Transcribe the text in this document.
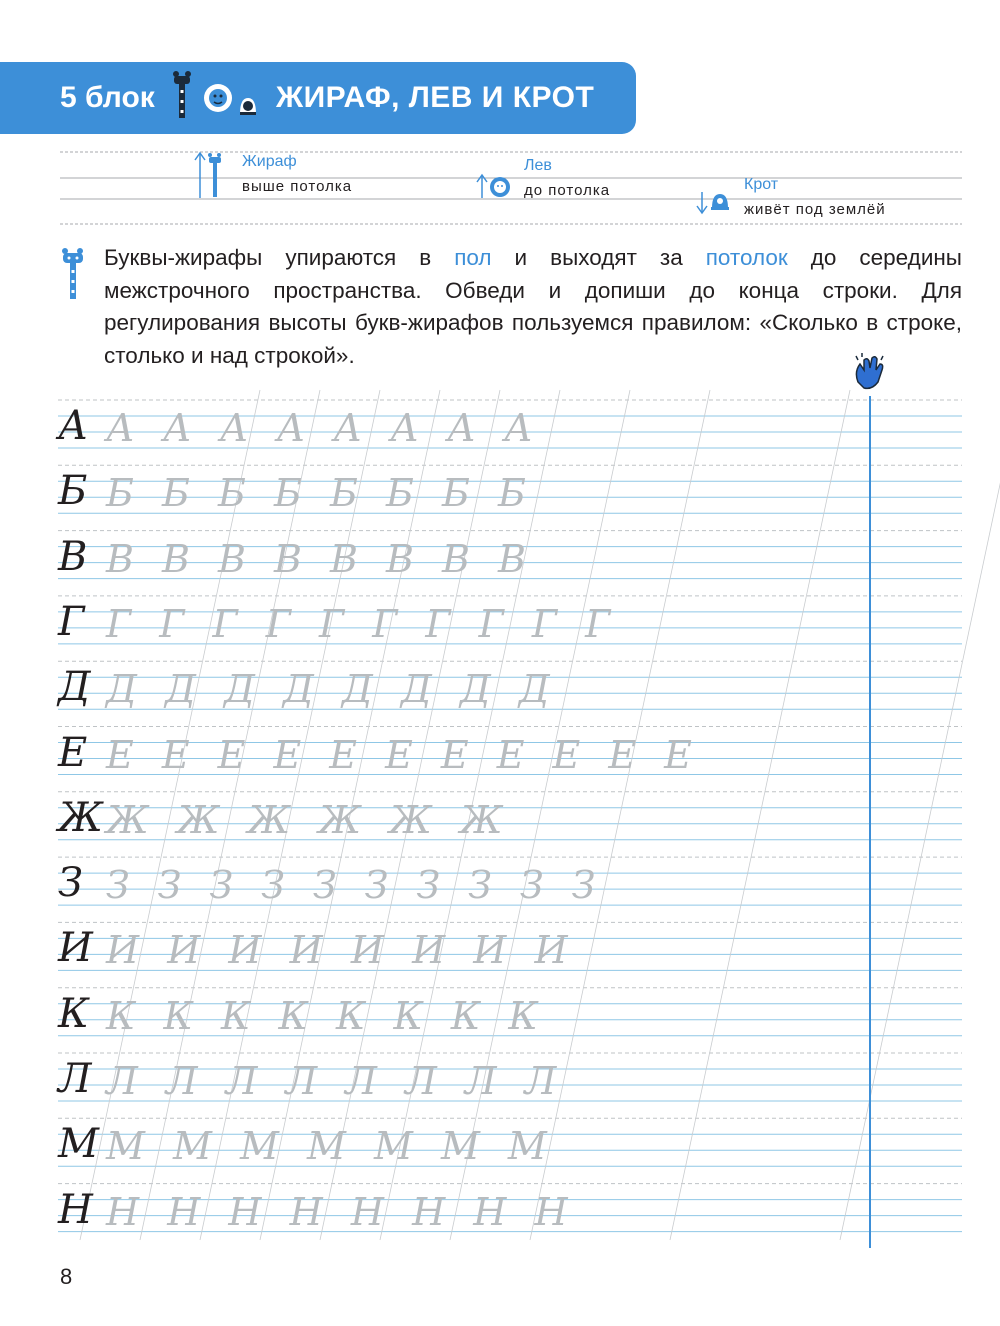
5 блок	ЖИРАФ, ЛЕВ И КРОТ
Жираф
выше потолка
Лев
до потолка	Крот
живёт под землёй

Буквы-жирафы упираются в пол и выходят за потолок до середины межстрочного пространства. Обведи и допиши до конца строки. Для регулирования высоты букв-жирафов пользуемся правилом: «Сколько в строке, столько и над строкой».

А А А А А А А А А
Б Б Б Б Б Б Б Б Б
В В В В В В В В В
Г Г Г Г Г Г Г Г Г Г Г
Д Д Д Д Д Д Д Д Д
Е Е Е Е Е Е Е Е Е Е Е Е
Ж Ж Ж Ж Ж Ж Ж
З З З З З З З З З З З
И И И И И И И И И
К К К К К К К К К
Л Л Л Л Л Л Л Л Л
М М М М М М М М
Н Н Н Н Н Н Н Н Н
8
